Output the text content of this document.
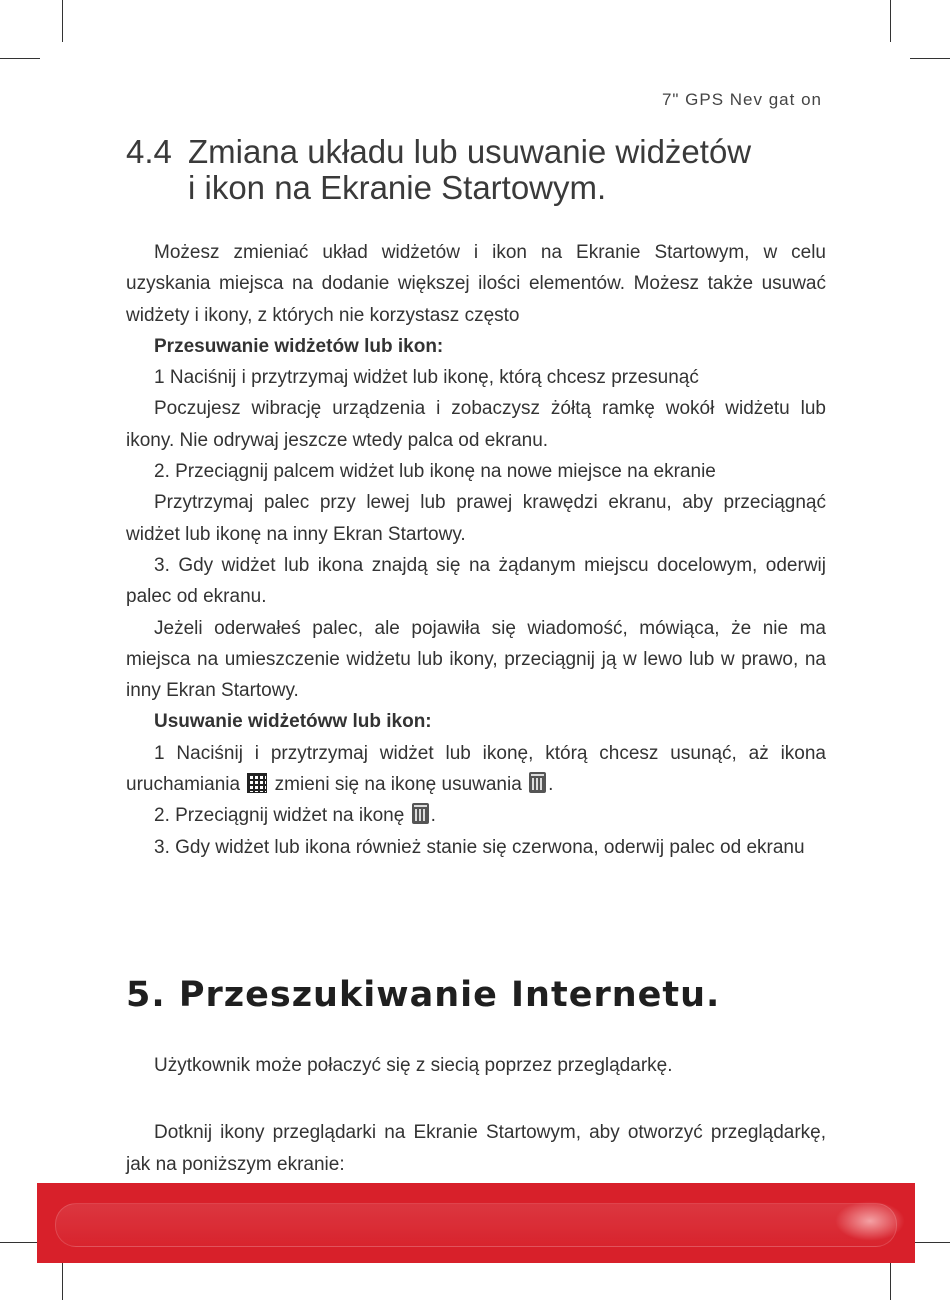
7" GPS Nev gat on
4.4 Zmiana układu lub usuwanie widżetów
i ikon na Ekranie Startowym.

Możesz zmieniać układ widżetów i ikon na Ekranie Startowym, w celu uzyskania miejsca na dodanie większej ilości elementów. Możesz także usuwać widżety i ikony, z których nie korzystasz często

Przesuwanie widżetów lub ikon:

1 Naciśnij i przytrzymaj widżet lub ikonę, którą chcesz przesunąć

Poczujesz wibrację urządzenia i zobaczysz żółtą ramkę wokół widżetu lub ikony. Nie odrywaj jeszcze wtedy palca od ekranu.

2. Przeciągnij palcem widżet lub ikonę na nowe miejsce na ekranie

Przytrzymaj palec przy lewej lub prawej krawędzi ekranu, aby przeciągnąć widżet lub ikonę na inny Ekran Startowy.

3. Gdy widżet lub ikona znajdą się na żądanym miejscu docelowym, oderwij palec od ekranu.

Jeżeli oderwałeś palec, ale pojawiła się wiadomość, mówiąca, że nie ma miejsca na umieszczenie widżetu lub ikony, przeciągnij ją w lewo lub w prawo, na inny Ekran Startowy.

Usuwanie widżetóww lub ikon:

1 Naciśnij i przytrzymaj widżet lub ikonę, którą chcesz usunąć, aż ikona uruchamiania zmieni się na ikonę usuwania .

2. Przeciągnij widżet na ikonę .

3. Gdy widżet lub ikona również stanie się czerwona, oderwij palec od ekranu

5. Przeszukiwanie Internetu.

Użytkownik może połaczyć się z siecią poprzez przeglądarkę.

Dotknij ikony przeglądarki na Ekranie Startowym, aby otworzyć przeglądarkę, jak na poniższym ekranie:
